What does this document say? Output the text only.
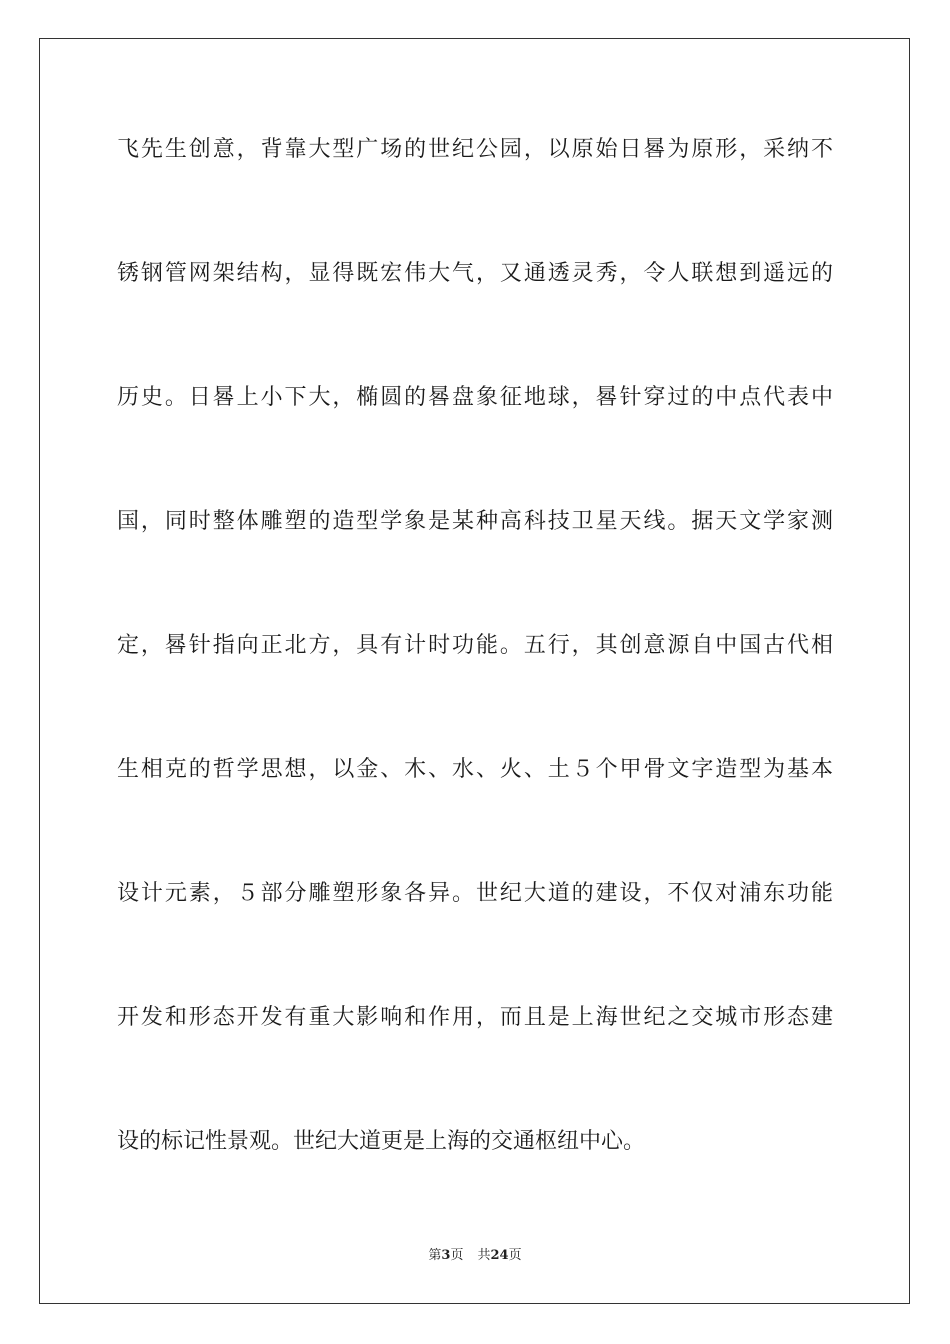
飞先生创意，背靠大型广场的世纪公园，以原始日晷为原形，采纳不
锈钢管网架结构，显得既宏伟大气，又通透灵秀，令人联想到遥远的
历史。日晷上小下大，椭圆的晷盘象征地球，晷针穿过的中点代表中
国，同时整体雕塑的造型学象是某种高科技卫星天线。据天文学家测
定，晷针指向正北方，具有计时功能。五行，其创意源自中国古代相
生相克的哲学思想，以金、木、水、火、土５个甲骨文字造型为基本
设计元素，５部分雕塑形象各异。世纪大道的建设，不仅对浦东功能
开发和形态开发有重大影响和作用，而且是上海世纪之交城市形态建
设的标记性景观。世纪大道更是上海的交通枢纽中心。
第3页 共24页
